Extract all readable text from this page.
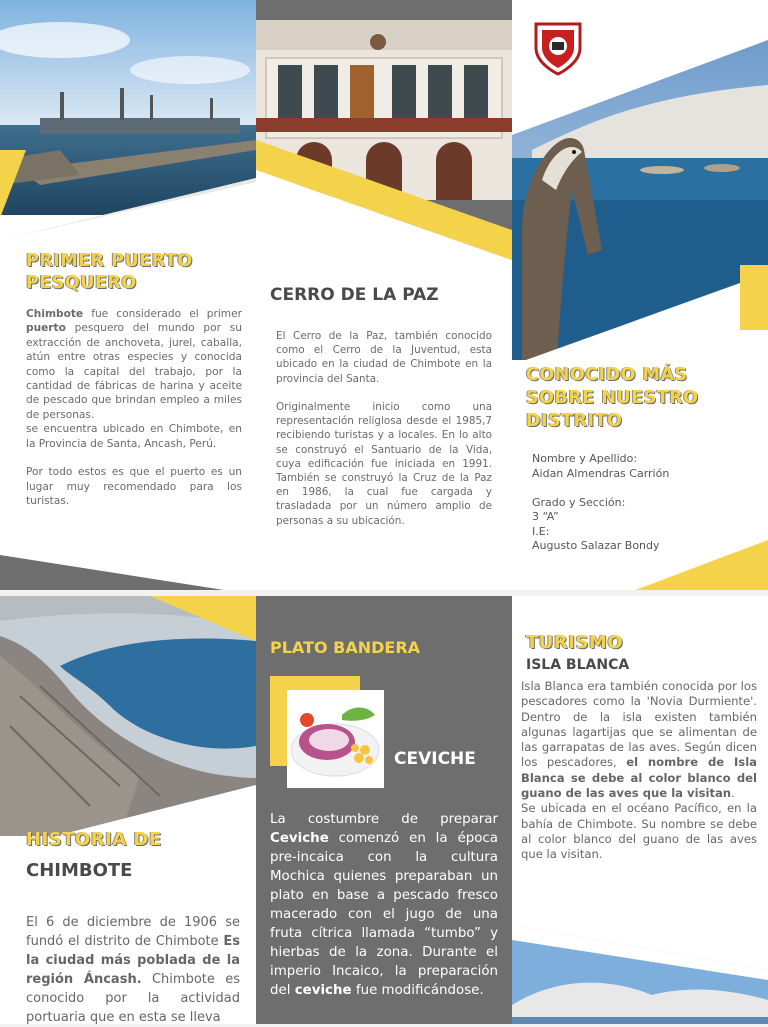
PRIMER PUERTO PESQUERO
Chimbote fue considerado el primer puerto pesquero del mundo por su extracción de anchoveta, jurel, caballa, atún entre otras especies y conocida como la capital del trabajo, por la cantidad de fábricas de harina y aceite de pescado que brindan empleo a miles de personas.
se encuentra ubicado en Chimbote, en la Provincia de Santa, Ancash, Perú.

Por todo estos es que el puerto es un lugar muy recomendado para los turistas.
CERRO DE LA PAZ
El Cerro de la Paz, también conocido como el Cerro de la Juventud, esta ubicado en la ciudad de Chimbote en la provincia del Santa.

Originalmente inicio como una representación religiosa desde el 1985,7 recibiendo turistas y a locales. En lo alto se construyó el Santuario de la Vida, cuya edificación fue iniciada en 1991. También se construyó la Cruz de la Paz en 1986, la cual fue cargada y trasladada por un número amplio de personas a su ubicación.
CONOCIDO MÁS SOBRE NUESTRO DISTRITO
Nombre y Apellido:
Aidan Almendras Carrión
Grado y Sección:
3 “A”
I.E:
Augusto Salazar Bondy
HISTORIA DE
CHIMBOTE
El 6 de diciembre de 1906 se fundó el distrito de Chimbote Es la ciudad más poblada de la región Áncash. Chimbote es conocido por la actividad portuaria que en esta se lleva
PLATO BANDERA
CEVICHE
La costumbre de preparar Ceviche comenzó en la época pre-incaica con la cultura Mochica quienes preparaban un plato en base a pescado fresco macerado con el jugo de una fruta cítrica llamada “tumbo” y hierbas de la zona. Durante el imperio Incaico, la preparación del ceviche fue modificándose.
TURISMO
ISLA BLANCA
Isla Blanca era también conocida por los pescadores como la 'Novia Durmiente'. Dentro de la isla existen también algunas lagartijas que se alimentan de las garrapatas de las aves. Según dicen los pescadores, el nombre de Isla Blanca se debe al color blanco del guano de las aves que la visitan.
Se ubicada en el océano Pacífico, en la bahía de Chimbote. Su nombre se debe al color blanco del guano de las aves que la visitan.
